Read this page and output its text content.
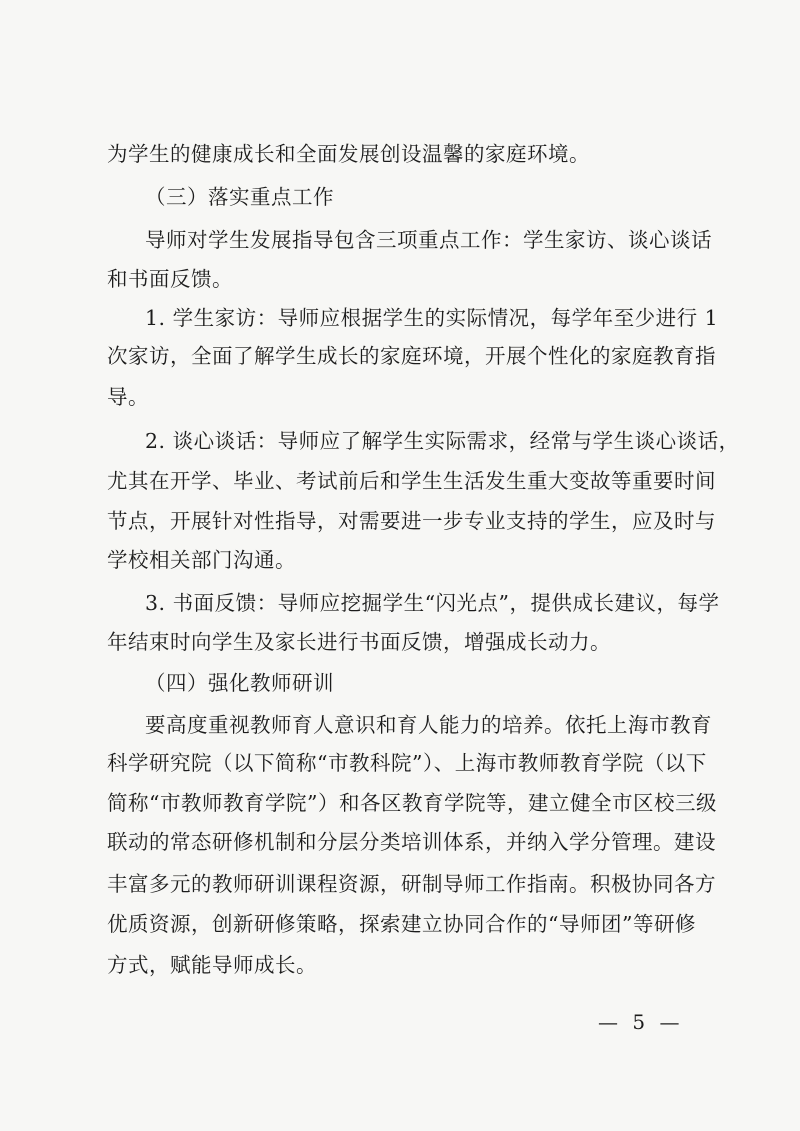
为学生的健康成长和全面发展创设温馨的家庭环境。
（三）落实重点工作
导师对学生发展指导包含三项重点工作：学生家访、谈心谈话
和书面反馈。
1. 学生家访：导师应根据学生的实际情况，每学年至少进行 1
次家访，全面了解学生成长的家庭环境，开展个性化的家庭教育指
导。
2. 谈心谈话：导师应了解学生实际需求，经常与学生谈心谈话，
尤其在开学、毕业、考试前后和学生生活发生重大变故等重要时间
节点，开展针对性指导，对需要进一步专业支持的学生，应及时与
学校相关部门沟通。
3. 书面反馈：导师应挖掘学生“闪光点”，提供成长建议，每学
年结束时向学生及家长进行书面反馈，增强成长动力。
（四）强化教师研训
要高度重视教师育人意识和育人能力的培养。依托上海市教育
科学研究院（以下简称“市教科院”）、上海市教师教育学院（以下
简称“市教师教育学院”）和各区教育学院等，建立健全市区校三级
联动的常态研修机制和分层分类培训体系，并纳入学分管理。建设
丰富多元的教师研训课程资源，研制导师工作指南。积极协同各方
优质资源，创新研修策略，探索建立协同合作的“导师团”等研修
方式，赋能导师成长。
— 5 —
